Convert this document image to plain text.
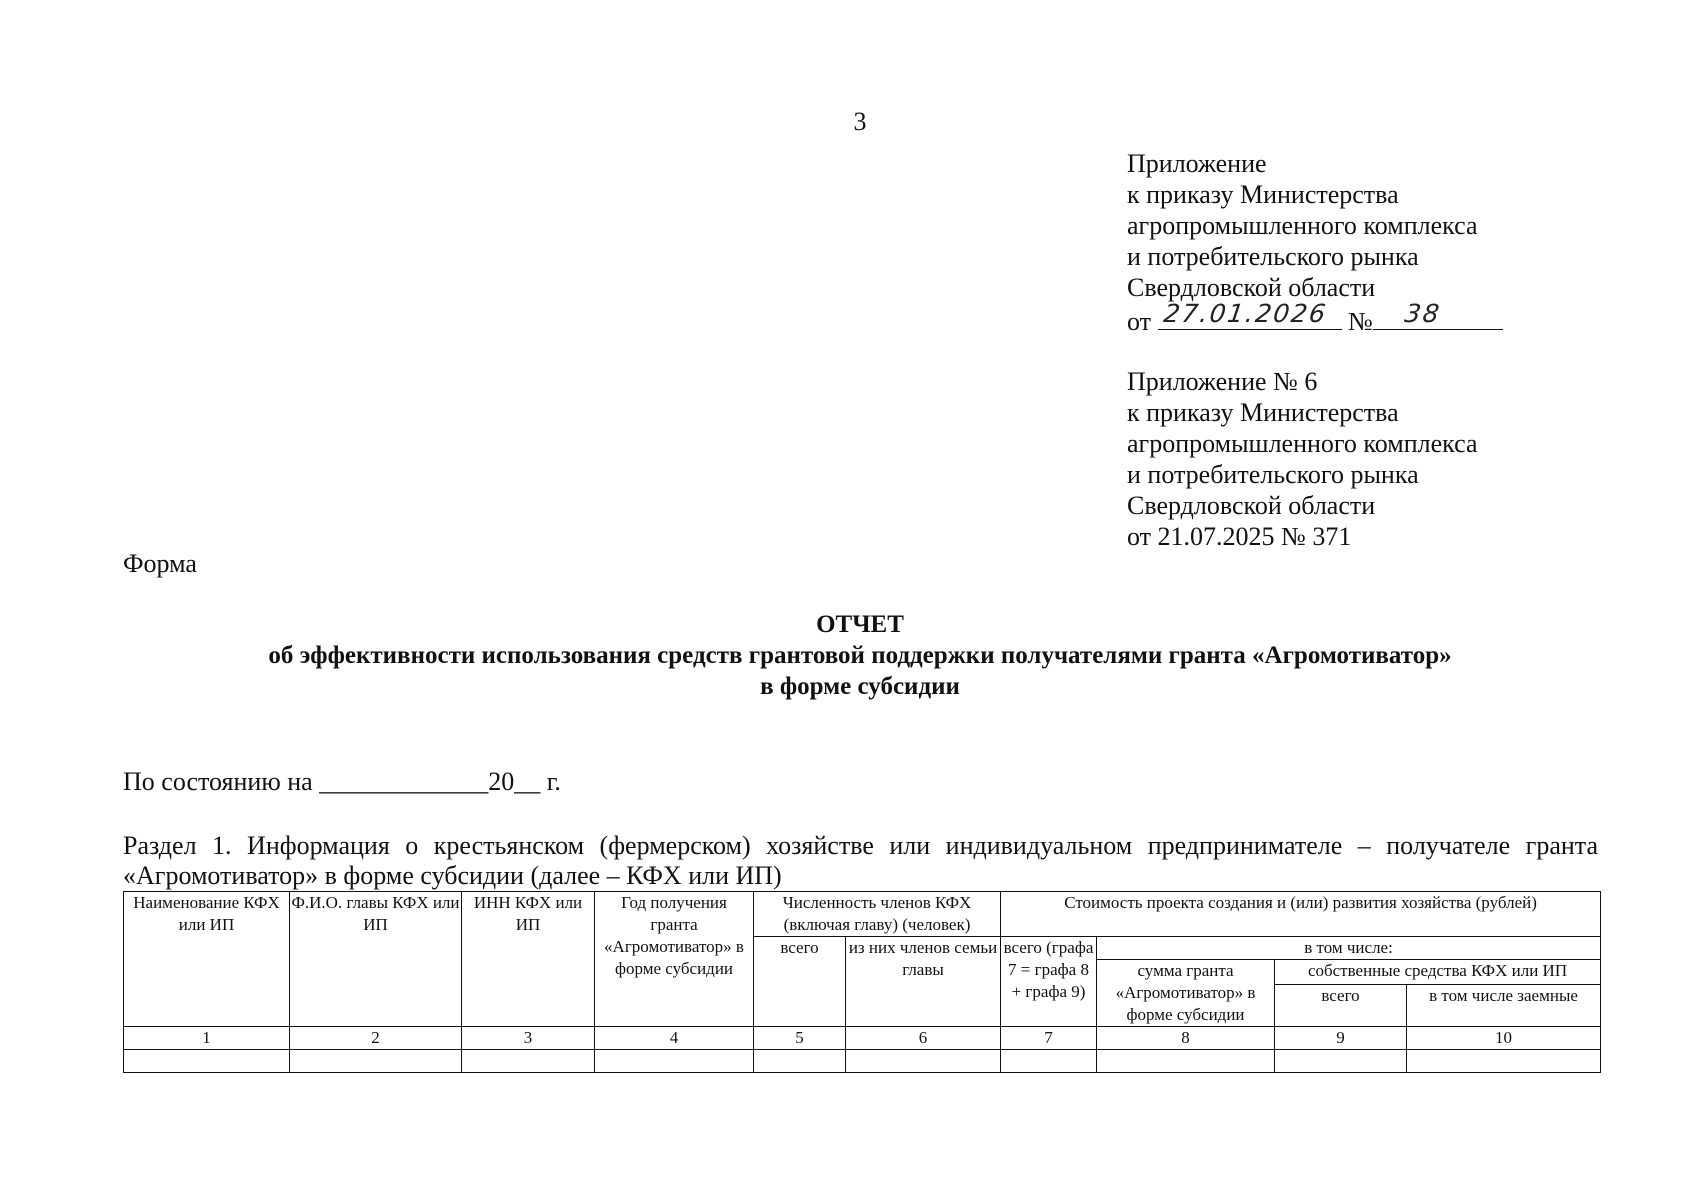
3
Приложение
к приказу Министерства
агропромышленного комплекса
и потребительского рынка
Свердловской области
от 27.01.2026 № 38
Приложение № 6
к приказу Министерства
агропромышленного комплекса
и потребительского рынка
Свердловской области
от 21.07.2025 № 371
Форма
ОТЧЕТ
об эффективности использования средств грантовой поддержки получателями гранта «Агромотиватор»
в форме субсидии
По состоянию на _____________20__ г.
Раздел 1. Информация о крестьянском (фермерском) хозяйстве или индивидуальном предпринимателе – получателе гранта «Агромотиватор» в форме субсидии (далее – КФХ или ИП)
Наименование КФХ или ИП	Ф.И.О. главы КФХ или ИП	ИНН КФХ или ИП	Год получения гранта «Агромотиватор» в форме субсидии	Численность членов КФХ (включая главу) (человек)		Стоимость проекта создания и (или) развития хозяйства (рублей)			
				всего	из них членов семьи главы	всего (графа 7 = графа 8 + графа 9)	в том числе:		
							сумма гранта «Агромотиватор» в форме субсидии	собственные средства КФХ или ИП	
								всего	в том числе заемные
1	2	3	4	5	6	7	8	9	10
